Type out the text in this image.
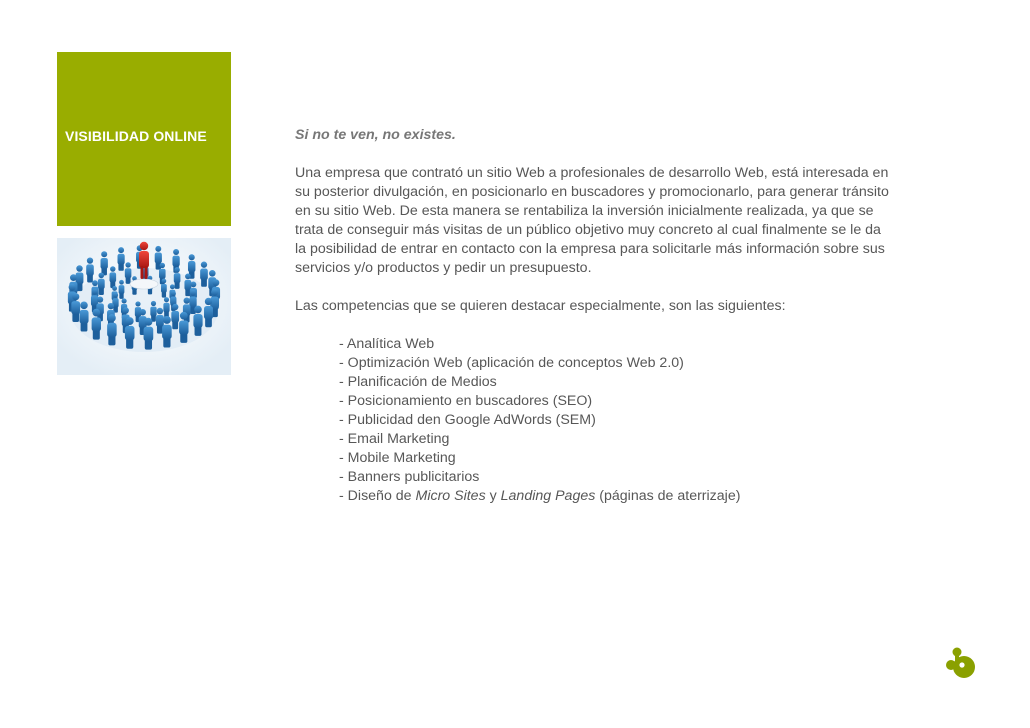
VISIBILIDAD ONLINE	Si no te ven, no existes.

Una empresa que contrató un sitio Web a profesionales de desarrollo Web, está interesada en su posterior divulgación, en posicionarlo en buscadores y promocionarlo, para generar tránsito en su sitio Web. De esta manera se rentabiliza la inversión inicialmente realizada, ya que se trata de conseguir más visitas de un público objetivo muy concreto al cual finalmente se le da la posibilidad de entrar en contacto con la empresa para solicitarle más información sobre sus servicios y/o productos y pedir un presupuesto.

Las competencias que se quieren destacar especialmente, son las siguientes:

- Analítica Web
- Optimización Web (aplicación de conceptos Web 2.0)
- Planificación de Medios
- Posicionamiento en buscadores (SEO)
- Publicidad den Google AdWords (SEM)
- Email Marketing
- Mobile Marketing
- Banners publicitarios
- Diseño de Micro Sites y Landing Pages (páginas de aterrizaje)
